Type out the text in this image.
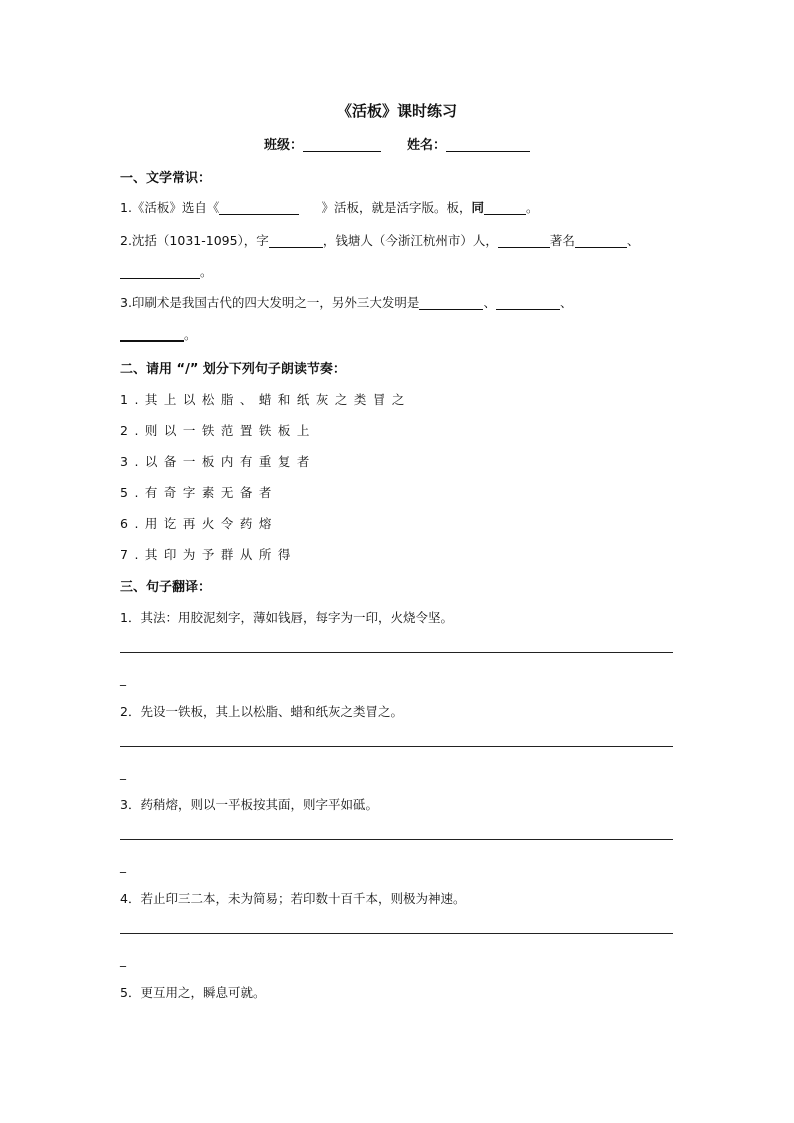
《活板》课时练习
班级：	姓名：
一、文学常识：
1.《活板》选自《	》活板，就是活字版。板，同	。
2.沈括（1031-1095），字	，钱塘人（今浙江杭州市）人，	著名	、
。
3.印刷术是我国古代的四大发明之一，另外三大发明是	、	、
。
二、请用 “/” 划分下列句子朗读节奏：
1.其上以松脂、蜡和纸灰之类冒之
2.则以一铁范置铁板上
3.以备一板内有重复者
5.有奇字素无备者
6.用讫再火令药熔
7.其印为予群从所得
三、句子翻译：
1．其法：用胶泥刻字，薄如钱唇，每字为一印，火烧令坚。
_
2．先设一铁板，其上以松脂、蜡和纸灰之类冒之。
_
3．药稍熔，则以一平板按其面，则字平如砥。
_
4．若止印三二本，未为简易；若印数十百千本，则极为神速。
_
5．更互用之，瞬息可就。
